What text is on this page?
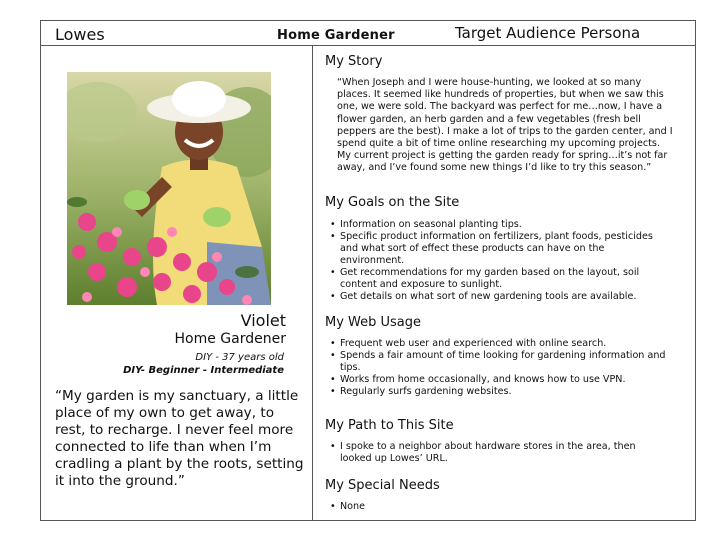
Lowes	Home Gardener	Target Audience Persona
Violet
Home Gardener
DIY - 37 years old
DIY- Beginner - Intermediate
“My garden is my sanctuary, a little place of my own to get away, to rest, to recharge. I never feel more connected to life than when I’m cradling a plant by the roots, setting it into the ground.”
My Story
“When Joseph and I were house-hunting, we looked at so many places. It seemed like hundreds of properties, but when we saw this one, we were sold. The backyard was perfect for me…now, I have a flower garden, an herb garden and a few vegetables (fresh bell peppers are the best). I make a lot of trips to the garden center, and I spend quite a bit of time online researching my upcoming projects. My current project is getting the garden ready for spring…it’s not far away, and I’ve found some new things I’d like to try this season.”
My Goals on the Site
• Information on seasonal planting tips.
• Specific product information on fertilizers, plant foods, pesticides and what sort of effect these products can have on the environment.
• Get recommendations for my garden based on the layout, soil content and exposure to sunlight.
• Get details on what sort of new gardening tools are available.
My Web Usage
• Frequent web user and experienced with online search.
• Spends a fair amount of time looking for gardening information and tips.
• Works from home occasionally, and knows how to use VPN.
• Regularly surfs gardening websites.
My Path to This Site
• I spoke to a neighbor about hardware stores in the area, then looked up Lowes’ URL.
My Special Needs
• None
